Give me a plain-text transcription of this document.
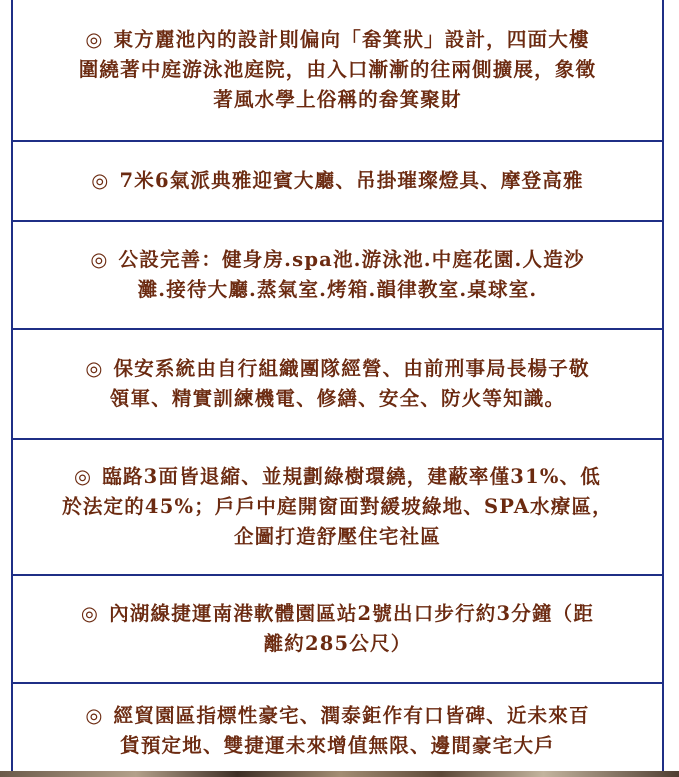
◎ 東方麗池內的設計則偏向「畚箕狀」設計，四面大樓
圍繞著中庭游泳池庭院，由入口漸漸的往兩側擴展，象徵
著風水學上俗稱的畚箕聚財
◎ 7米6氣派典雅迎賓大廳、吊掛璀璨燈具、摩登高雅
◎ 公設完善：健身房.spa池.游泳池.中庭花園.人造沙
灘.接待大廳.蒸氣室.烤箱.韻律教室.桌球室.
◎ 保安系統由自行組織團隊經營、由前刑事局長楊子敬
領軍、精實訓練機電、修繕、安全、防火等知識。
◎ 臨路3面皆退縮、並規劃綠樹環繞，建蔽率僅31%、低
於法定的45%；戶戶中庭開窗面對緩坡綠地、SPA水療區，
企圖打造舒壓住宅社區
◎ 內湖線捷運南港軟體園區站2號出口步行約3分鐘（距
離約285公尺）
◎ 經貿園區指標性豪宅、潤泰鉅作有口皆碑、近未來百
貨預定地、雙捷運未來增值無限、邊間豪宅大戶
